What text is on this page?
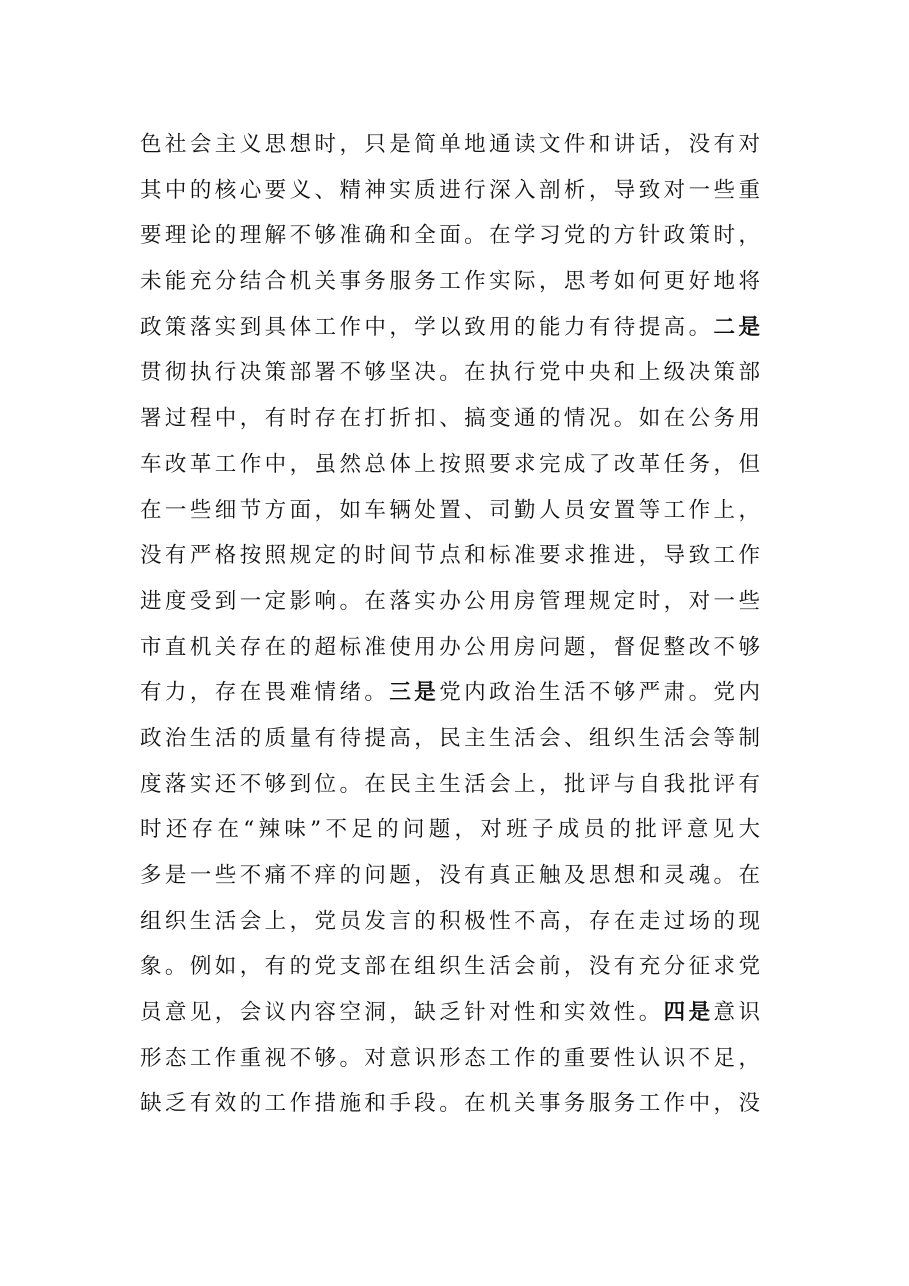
色社会主义思想时，只是简单地通读文件和讲话，没有对
其中的核心要义、精神实质进行深入剖析，导致对一些重
要理论的理解不够准确和全面。在学习党的方针政策时，
未能充分结合机关事务服务工作实际，思考如何更好地将
政策落实到具体工作中，学以致用的能力有待提高。二是
贯彻执行决策部署不够坚决。在执行党中央和上级决策部
署过程中，有时存在打折扣、搞变通的情况。如在公务用
车改革工作中，虽然总体上按照要求完成了改革任务，但
在一些细节方面，如车辆处置、司勤人员安置等工作上，
没有严格按照规定的时间节点和标准要求推进，导致工作
进度受到一定影响。在落实办公用房管理规定时，对一些
市直机关存在的超标准使用办公用房问题，督促整改不够
有力，存在畏难情绪。三是党内政治生活不够严肃。党内
政治生活的质量有待提高，民主生活会、组织生活会等制
度落实还不够到位。在民主生活会上，批评与自我批评有
时还存在“辣味”不足的问题，对班子成员的批评意见大
多是一些不痛不痒的问题，没有真正触及思想和灵魂。在
组织生活会上，党员发言的积极性不高，存在走过场的现
象。例如，有的党支部在组织生活会前，没有充分征求党
员意见，会议内容空洞，缺乏针对性和实效性。四是意识
形态工作重视不够。对意识形态工作的重要性认识不足，
缺乏有效的工作措施和手段。在机关事务服务工作中，没
